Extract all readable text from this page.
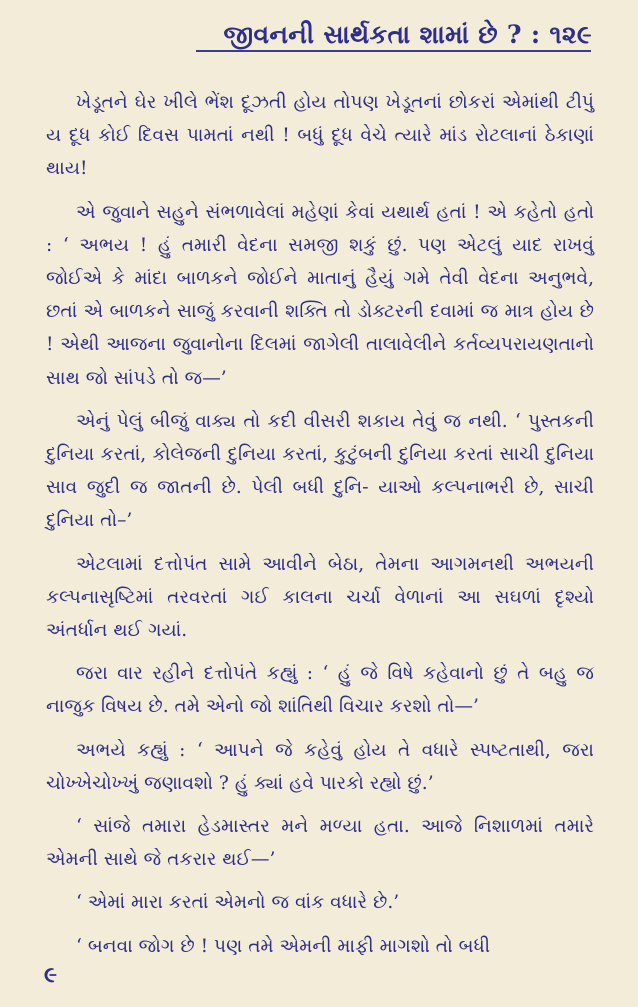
જીવનની સાર્થકતા શામાં છે ? : ૧૨૯

ખેડૂતને ઘેર ખીલે ભેંશ દૂઝતી હોય તોપણ ખેડૂતનાં છોકરાં એમાંથી ટીપું ય દૂધ કોઈ દિવસ પામતાં નથી ! બધું દૂધ વેચે ત્યારે માંડ રોટલાનાં ઠેકાણાં થાય!

એ જુવાને સહુને સંભળાવેલાં મહેણાં કેવાં યથાર્થ હતાં ! એ કહેતો હતો : ‘ અભય ! હું તમારી વેદના સમજી શકું છું. પણ એટલું યાદ રાખવું જોઈએ કે માંદા બાળકને જોઈને માતાનું હૈયું ગમે તેવી વેદના અનુભવે, છતાં એ બાળકને સાજું કરવાની શક્તિ તો ડોક્ટરની દવામાં જ માત્ર હોય છે ! એથી આજના જુવાનોના દિલમાં જાગેલી તાલાવેલીને કર્તવ્યપરાયણતાનો સાથ જો સાંપડે તો જ—’

એનું પેલું બીજું વાક્ય તો કદી વીસરી શકાય તેવું જ નથી. ‘ પુસ્તકની દુનિયા કરતાં, કોલેજની દુનિયા કરતાં, કુટુંબની દુનિયા કરતાં સાચી દુનિયા સાવ જુદી જ જાતની છે. પેલી બધી દુનિ- યાઓ કલ્પનાભરી છે, સાચી દુનિયા તો–’

એટલામાં દત્તોપંત સામે આવીને બેઠા, તેમના આગમનથી અભયની કલ્પનાસૃષ્ટિમાં તરવરતાં ગઈ કાલના ચર્ચા વેળાનાં આ સઘળાં દૃશ્યો અંતર્ધાન થઈ ગયાં.

જરા વાર રહીને દત્તોપંતે કહ્યું : ‘ હું જે વિષે કહેવાનો છું તે બહુ જ નાજુક વિષય છે. તમે એનો જો શાંતિથી વિચાર કરશો તો—’

અભયે કહ્યું : ‘ આપને જે કહેવું હોય તે વધારે સ્પષ્ટતાથી, જરા ચોખ્ખેચોખ્ખું જણાવશો ? હું ક્યાં હવે પારકો રહ્યો છું.’

‘ સાંજે તમારા હેડમાસ્તર મને મળ્યા હતા. આજે નિશાળમાં તમારે એમની સાથે જે તકરાર થઈ—’

‘ એમાં મારા કરતાં એમનો જ વાંક વધારે છે.’

‘ બનવા જોગ છે ! પણ તમે એમની માફી માગશો તો બધી

૯
